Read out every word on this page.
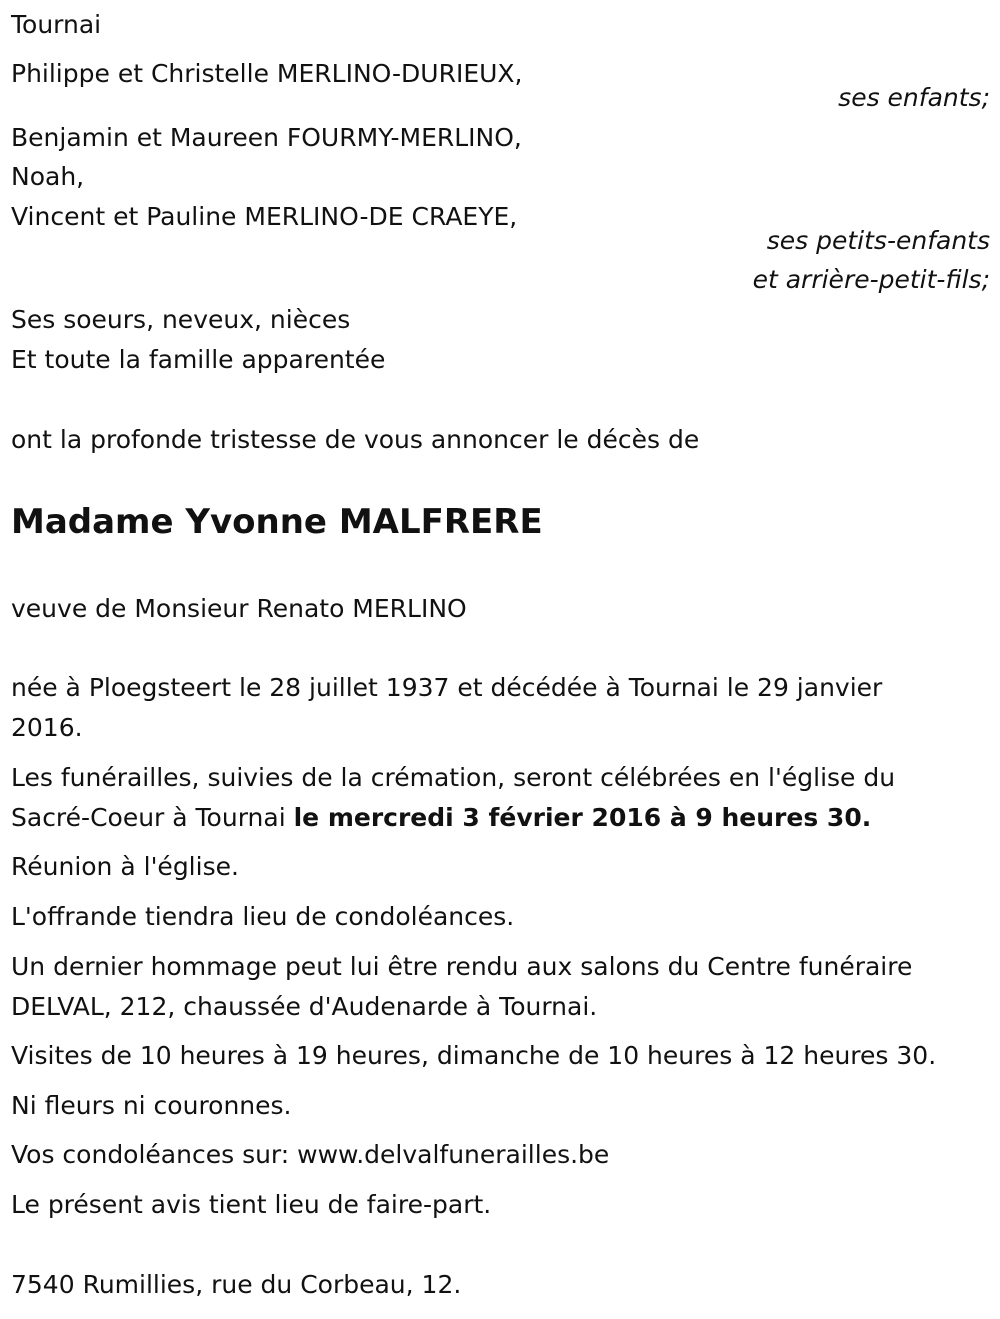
Tournai
Philippe et Christelle MERLINO-DURIEUX,
ses enfants;
Benjamin et Maureen FOURMY-MERLINO,
Noah,
Vincent et Pauline MERLINO-DE CRAEYE,
ses petits-enfants
et arrière-petit-fils;
Ses soeurs, neveux, nièces
Et toute la famille apparentée
ont la profonde tristesse de vous annoncer le décès de
Madame Yvonne MALFRERE
veuve de Monsieur Renato MERLINO
née à Ploegsteert le 28 juillet 1937 et décédée à Tournai le 29 janvier
2016.
Les funérailles, suivies de la crémation, seront célébrées en l'église du
Sacré-Coeur à Tournai le mercredi 3 février 2016 à 9 heures 30.
Réunion à l'église.
L'offrande tiendra lieu de condoléances.
Un dernier hommage peut lui être rendu aux salons du Centre funéraire
DELVAL, 212, chaussée d'Audenarde à Tournai.
Visites de 10 heures à 19 heures, dimanche de 10 heures à 12 heures 30.
Ni fleurs ni couronnes.
Vos condoléances sur: www.delvalfunerailles.be
Le présent avis tient lieu de faire-part.
7540 Rumillies, rue du Corbeau, 12.
